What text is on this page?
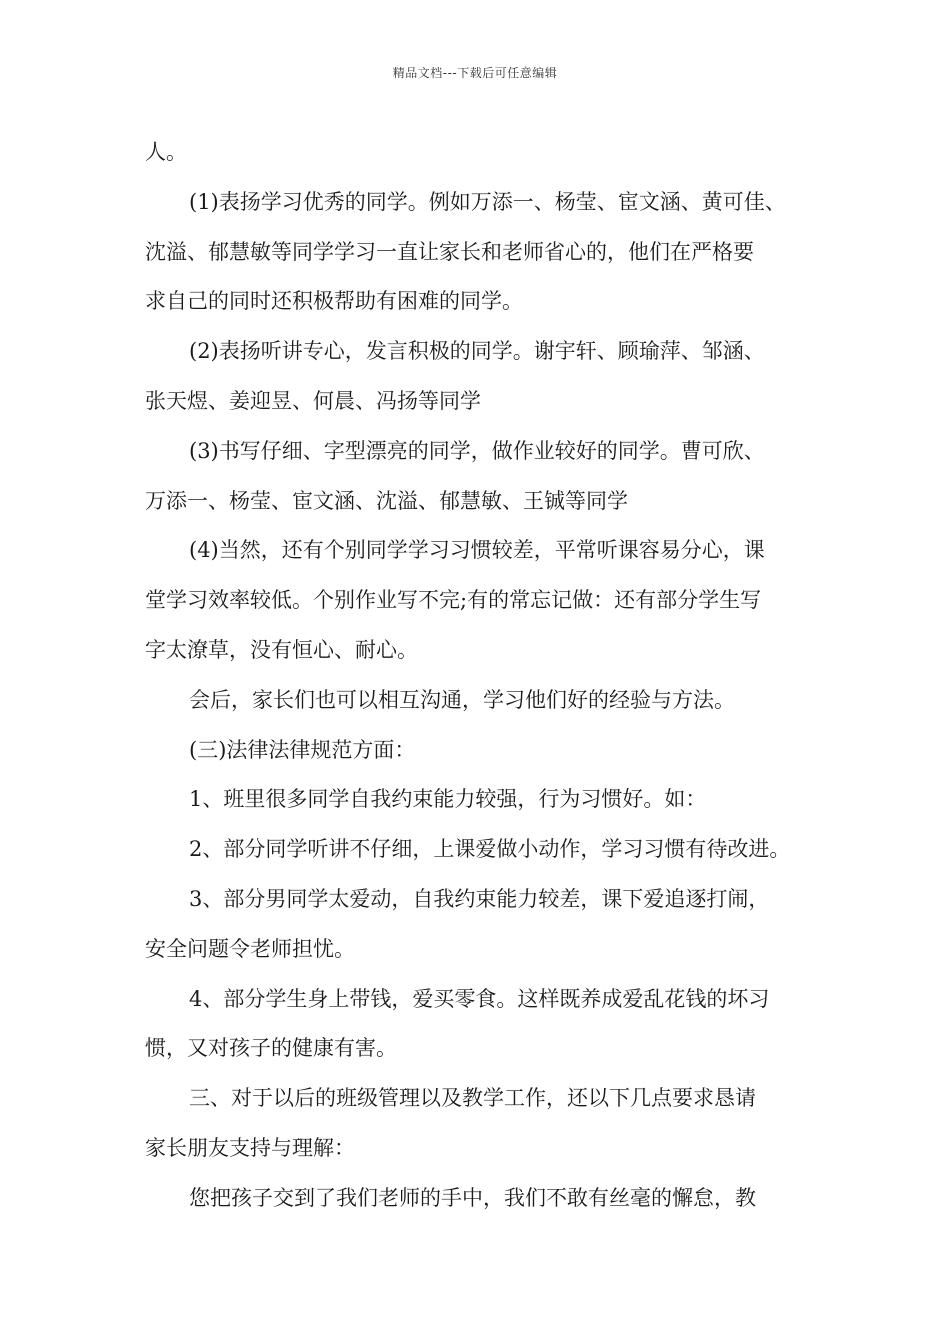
精品文档---下载后可任意编辑
人。
(1)表扬学习优秀的同学。例如万添一、杨莹、宦文涵、黄可佳、
沈溢、郁慧敏等同学学习一直让家长和老师省心的，他们在严格要
求自己的同时还积极帮助有困难的同学。
(2)表扬听讲专心，发言积极的同学。谢宇轩、顾瑜萍、邹涵、
张天煜、姜迎昱、何晨、冯扬等同学
(3)书写仔细、字型漂亮的同学，做作业较好的同学。曹可欣、
万添一、杨莹、宦文涵、沈溢、郁慧敏、王铖等同学
(4)当然，还有个别同学学习习惯较差，平常听课容易分心，课
堂学习效率较低。个别作业写不完;有的常忘记做：还有部分学生写
字太潦草，没有恒心、耐心。
会后，家长们也可以相互沟通，学习他们好的经验与方法。
(三)法律法律规范方面：
1、班里很多同学自我约束能力较强，行为习惯好。如：
2、部分同学听讲不仔细，上课爱做小动作，学习习惯有待改进。
3、部分男同学太爱动，自我约束能力较差，课下爱追逐打闹，
安全问题令老师担忧。
4、部分学生身上带钱，爱买零食。这样既养成爱乱花钱的坏习
惯，又对孩子的健康有害。
三、对于以后的班级管理以及教学工作，还以下几点要求恳请
家长朋友支持与理解：
您把孩子交到了我们老师的手中，我们不敢有丝毫的懈怠，教
